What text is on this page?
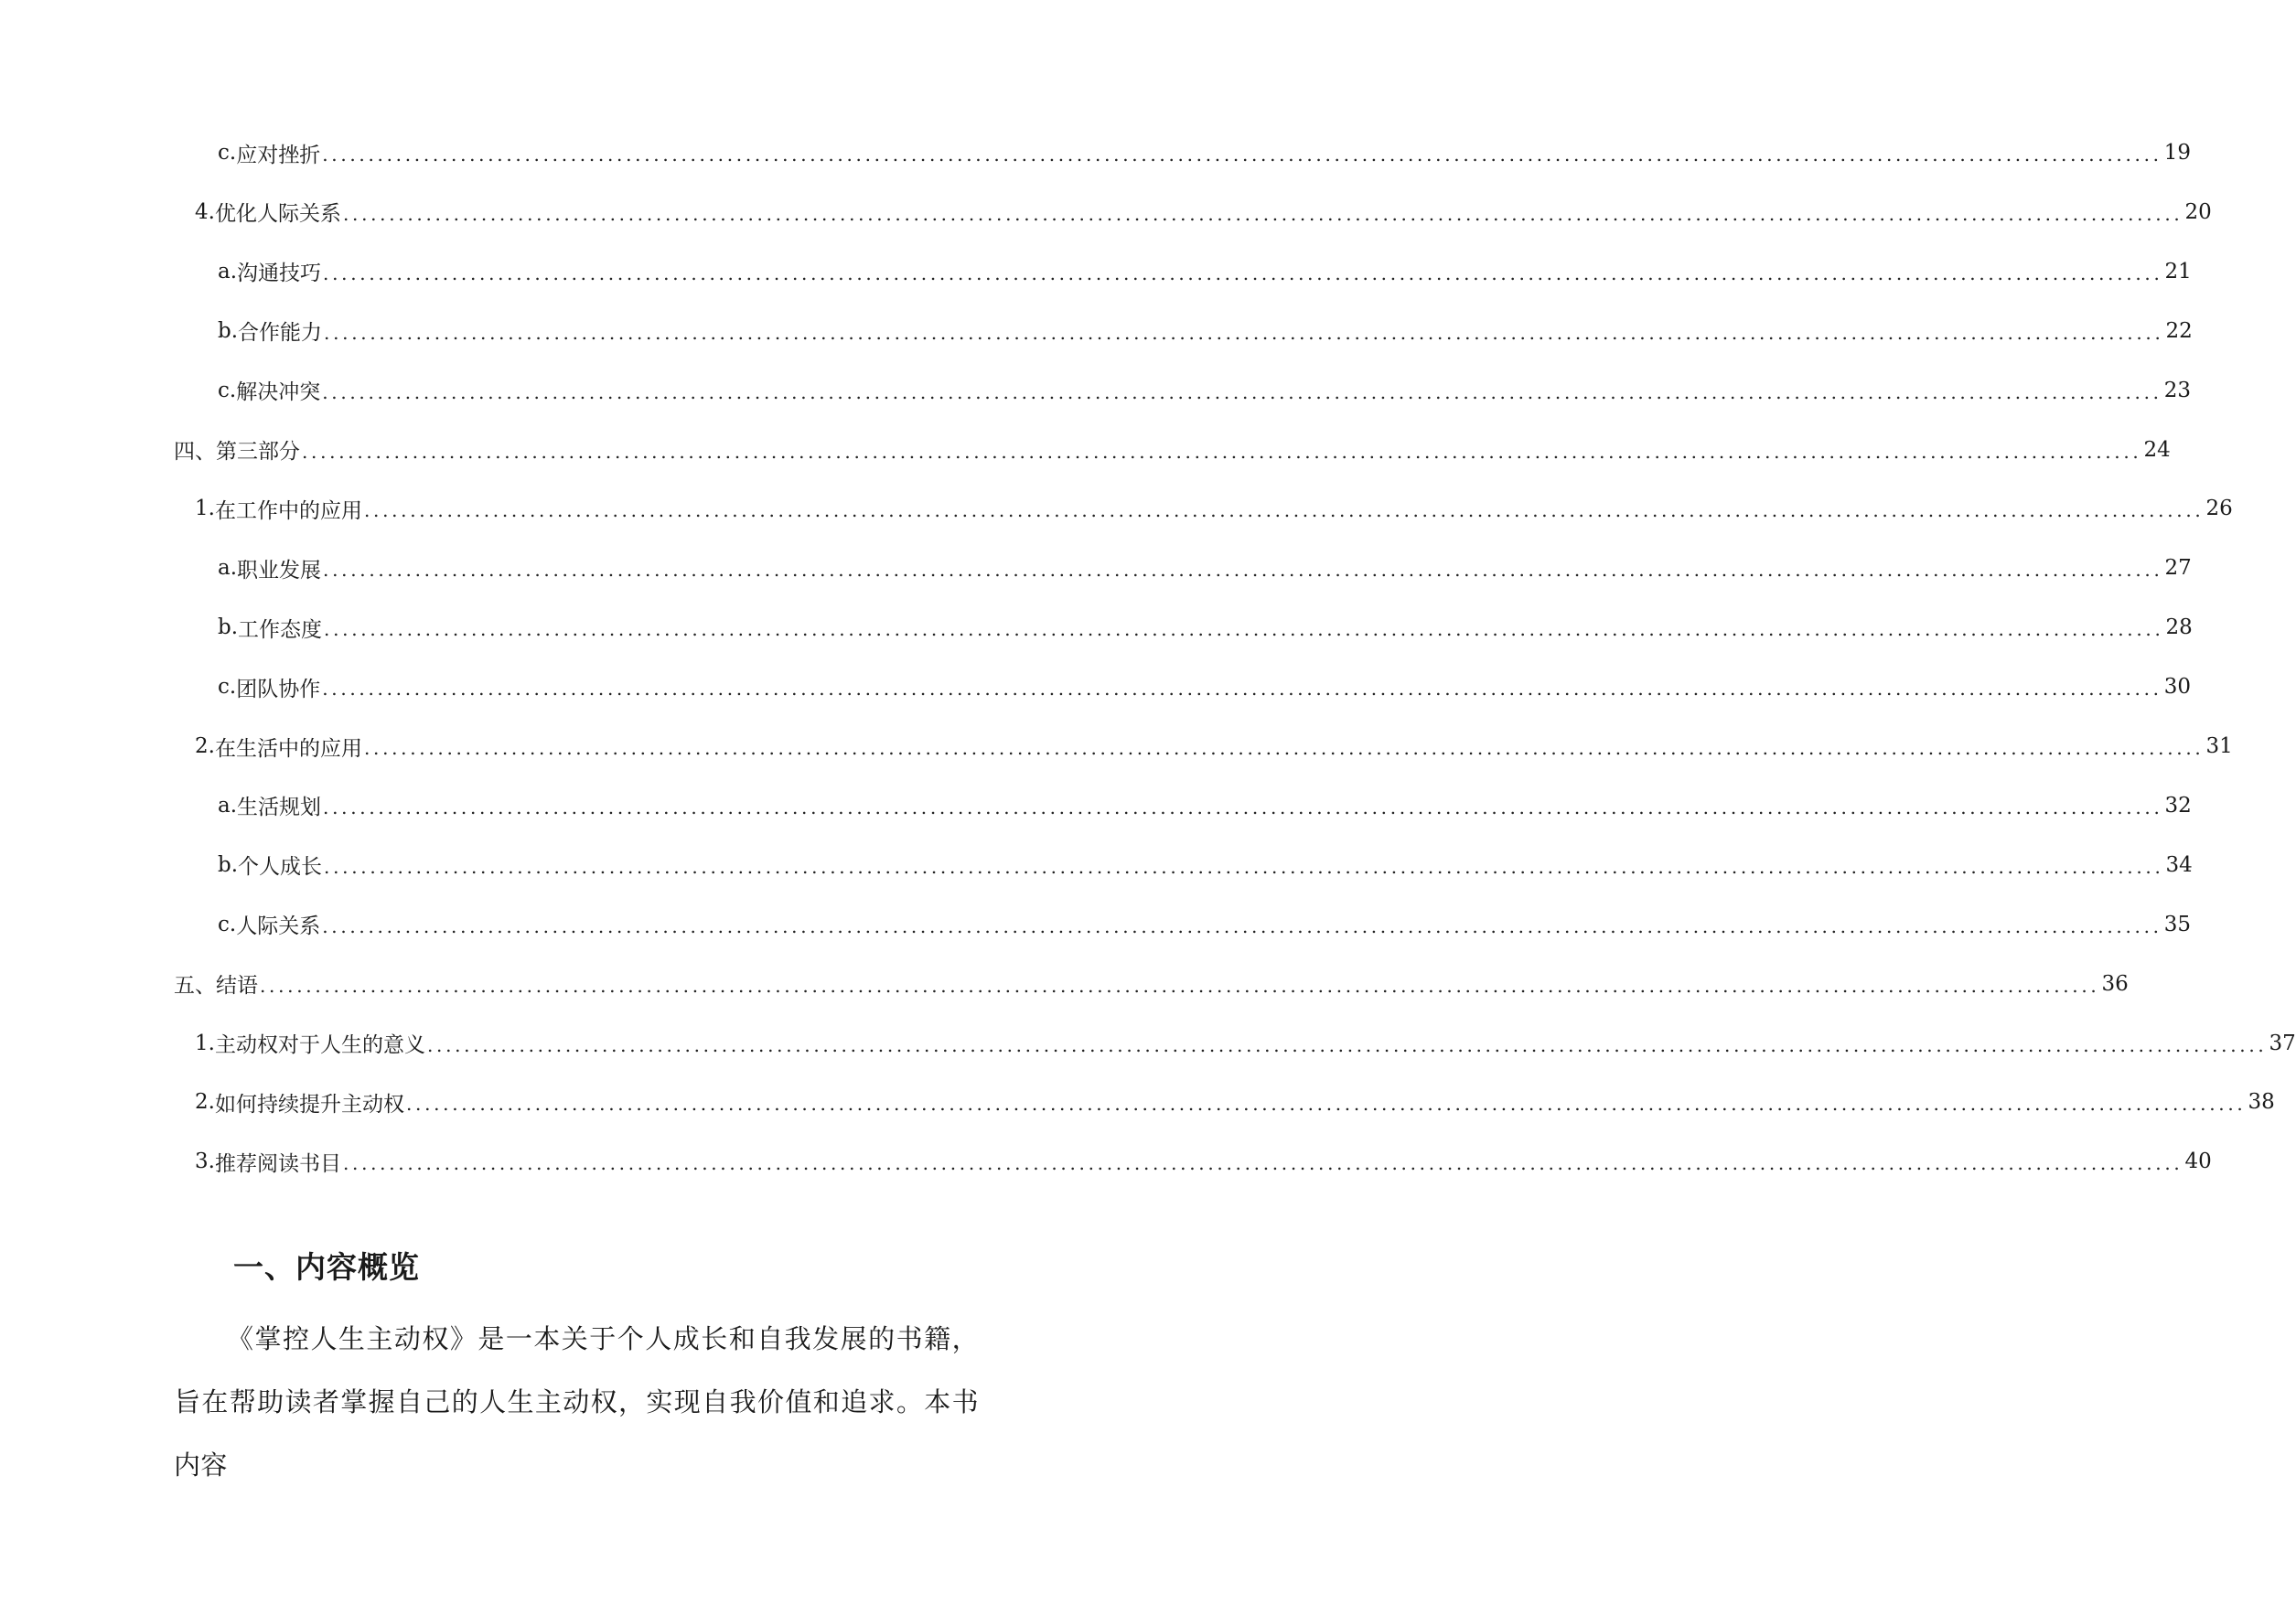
c. 应对挫折 ........................................................................................................................................................................................................ 19
4. 优化人际关系 ........................................................................................................................................................................................................ 20
a. 沟通技巧 ........................................................................................................................................................................................................ 21
b. 合作能力 ........................................................................................................................................................................................................ 22
c. 解决冲突 ........................................................................................................................................................................................................ 23
四、第三部分 ........................................................................................................................................................................................................ 24
1. 在工作中的应用 ........................................................................................................................................................................................................ 26
a. 职业发展 ........................................................................................................................................................................................................ 27
b. 工作态度 ........................................................................................................................................................................................................ 28
c. 团队协作 ........................................................................................................................................................................................................ 30
2. 在生活中的应用 ........................................................................................................................................................................................................ 31
a. 生活规划 ........................................................................................................................................................................................................ 32
b. 个人成长 ........................................................................................................................................................................................................ 34
c. 人际关系 ........................................................................................................................................................................................................ 35
五、结语 ........................................................................................................................................................................................................ 36
1. 主动权对于人生的意义 ........................................................................................................................................................................................................ 37
2. 如何持续提升主动权 ........................................................................................................................................................................................................ 38
3. 推荐阅读书目 ........................................................................................................................................................................................................ 40
一、内容概览
《掌控人生主动权》是一本关于个人成长和自我发展的书籍，旨在帮助读者掌握自己的人生主动权，实现自我价值和追求。本书内容
